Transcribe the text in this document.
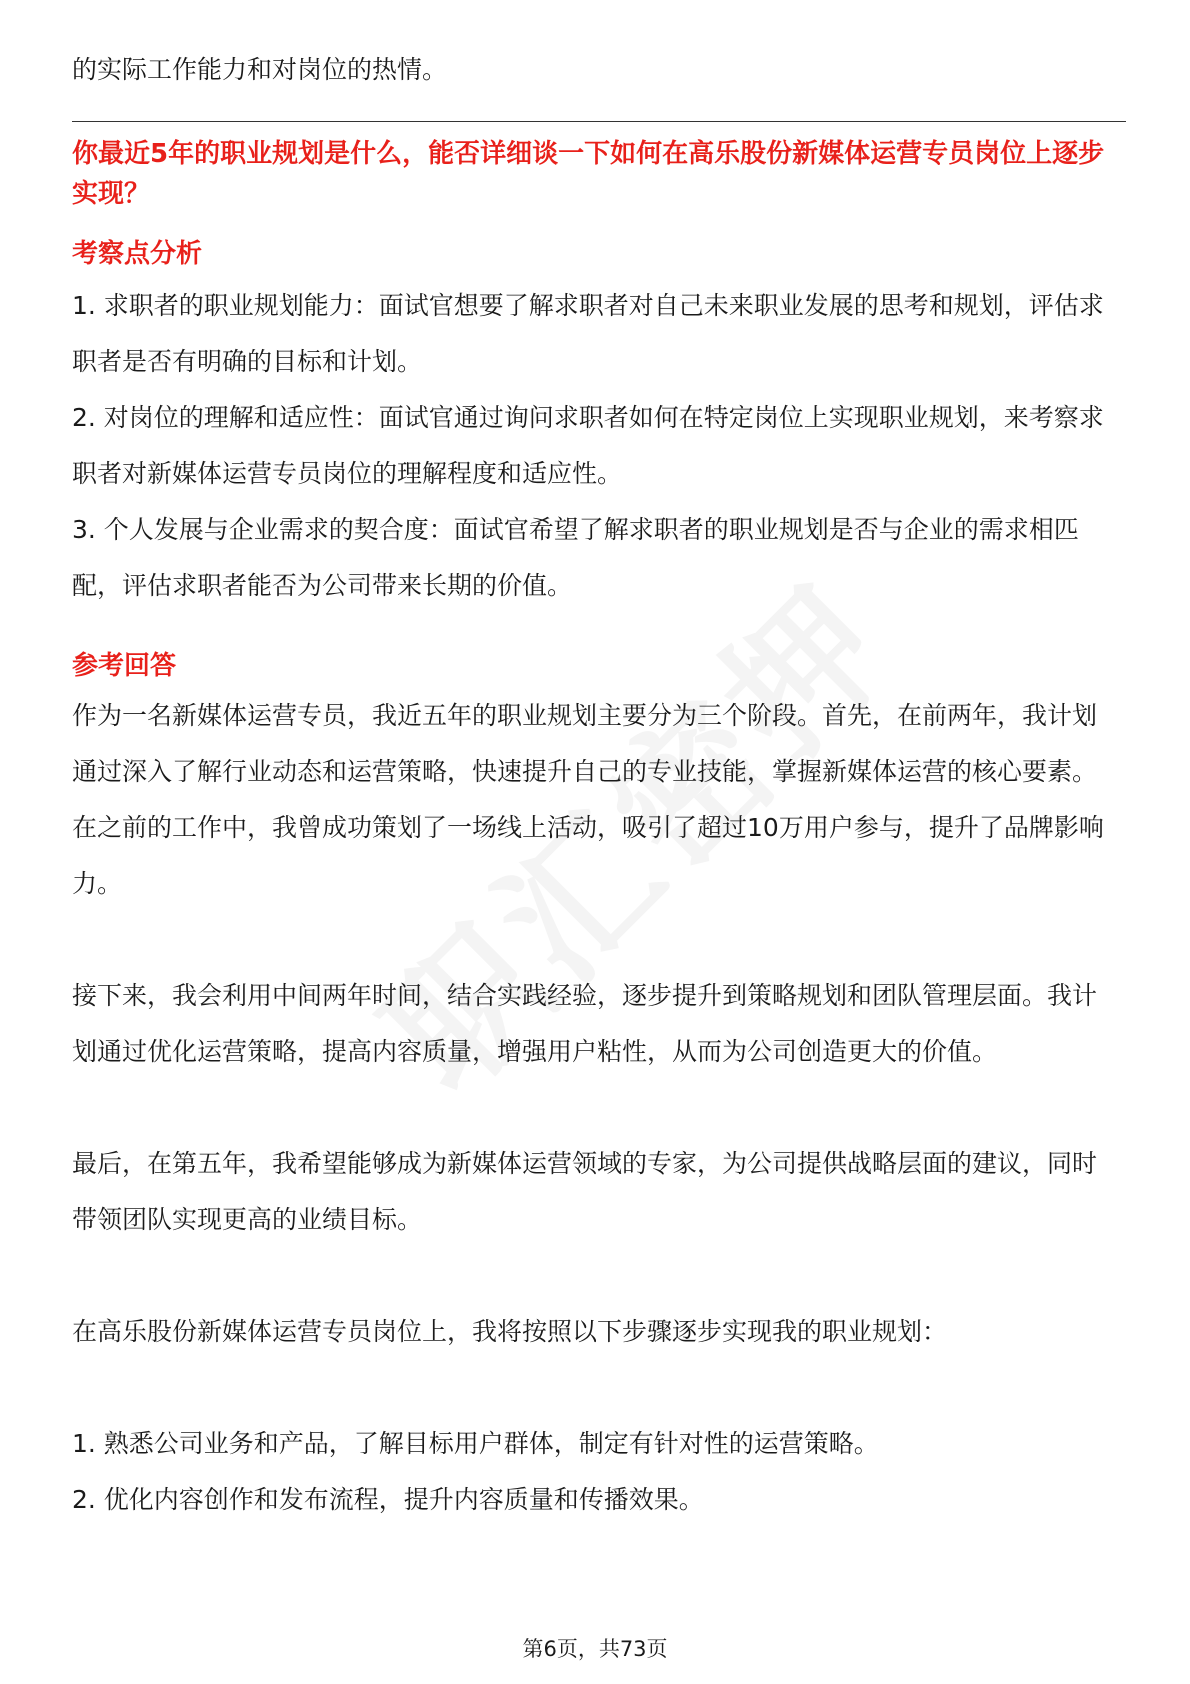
的实际工作能力和对岗位的热情。

你最近5年的职业规划是什么，能否详细谈一下如何在高乐股份新媒体运营专员岗位上逐步实现？

考察点分析

1. 求职者的职业规划能力：面试官想要了解求职者对自己未来职业发展的思考和规划，评估求职者是否有明确的目标和计划。

2. 对岗位的理解和适应性：面试官通过询问求职者如何在特定岗位上实现职业规划，来考察求职者对新媒体运营专员岗位的理解程度和适应性。

3. 个人发展与企业需求的契合度：面试官希望了解求职者的职业规划是否与企业的需求相匹配，评估求职者能否为公司带来长期的价值。

参考回答

作为一名新媒体运营专员，我近五年的职业规划主要分为三个阶段。首先，在前两年，我计划通过深入了解行业动态和运营策略，快速提升自己的专业技能，掌握新媒体运营的核心要素。在之前的工作中，我曾成功策划了一场线上活动，吸引了超过10万用户参与，提升了品牌影响力。

接下来，我会利用中间两年时间，结合实践经验，逐步提升到策略规划和团队管理层面。我计划通过优化运营策略，提高内容质量，增强用户粘性，从而为公司创造更大的价值。

最后，在第五年，我希望能够成为新媒体运营领域的专家，为公司提供战略层面的建议，同时带领团队实现更高的业绩目标。

在高乐股份新媒体运营专员岗位上，我将按照以下步骤逐步实现我的职业规划：

1. 熟悉公司业务和产品，了解目标用户群体，制定有针对性的运营策略。

2. 优化内容创作和发布流程，提升内容质量和传播效果。

第6页，共73页
